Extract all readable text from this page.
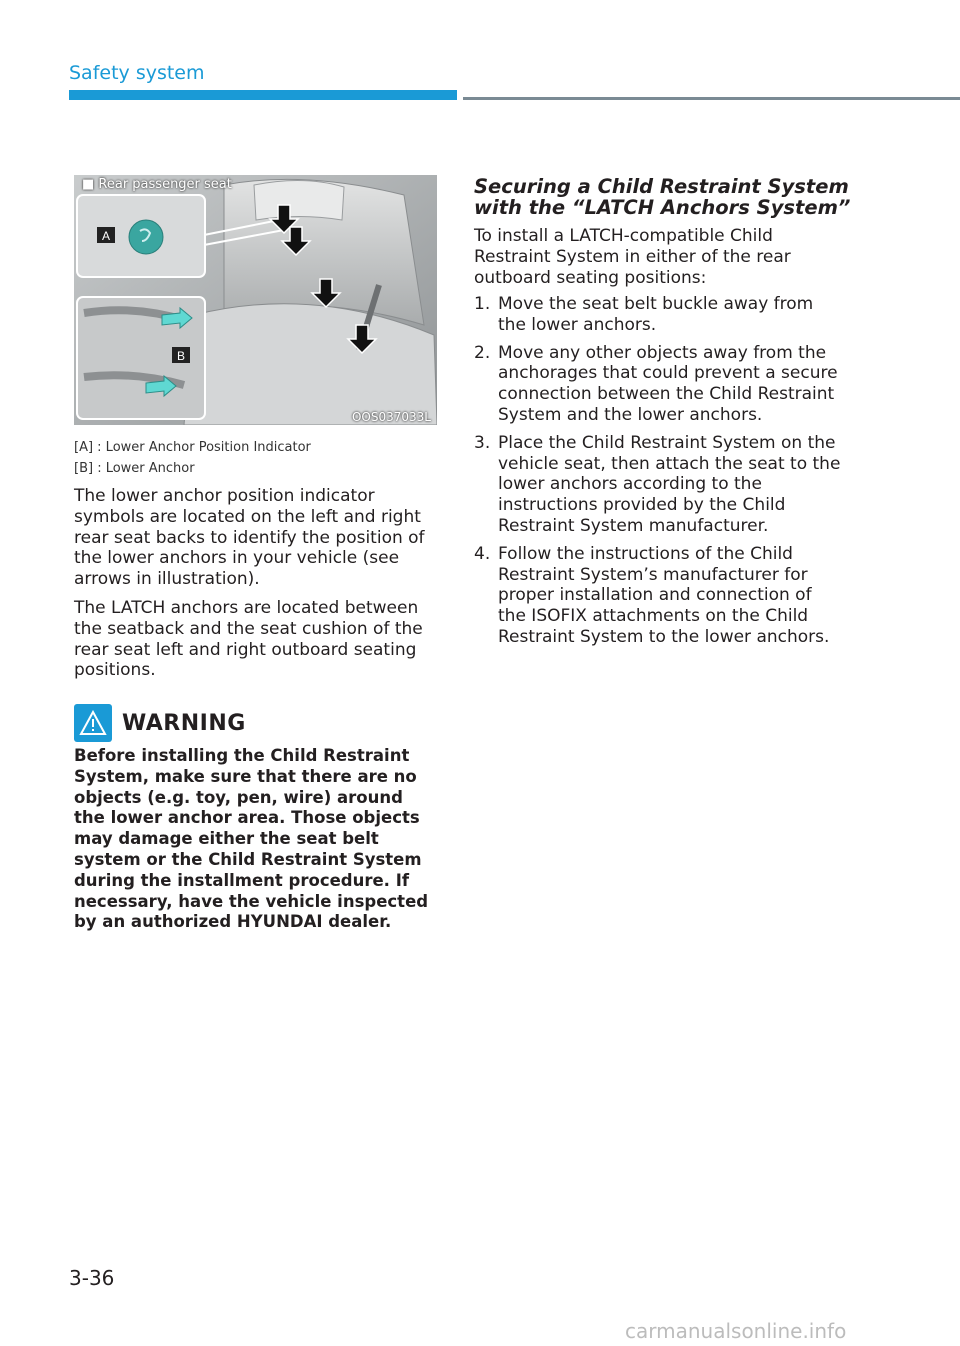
Safety system
A
B
■ Rear passenger seat
OOS037033L
[A] : Lower Anchor Position Indicator
[B] : Lower Anchor
The lower anchor position indicator symbols are located on the left and right rear seat backs to identify the position of the lower anchors in your vehicle (see arrows in illustration).
The LATCH anchors are located between the seatback and the seat cushion of the rear seat left and right outboard seating positions.
WARNING
Before installing the Child Restraint System, make sure that there are no objects (e.g. toy, pen, wire) around the lower anchor area. Those objects may damage either the seat belt system or the Child Restraint System during the installment procedure. If necessary, have the vehicle inspected by an authorized HYUNDAI dealer.
Securing a Child Restraint System with the “LATCH Anchors System”
To install a LATCH-compatible Child Restraint System in either of the rear outboard seating positions:
1. Move the seat belt buckle away from the lower anchors.
2. Move any other objects away from the anchorages that could prevent a secure connection between the Child Restraint System and the lower anchors.
3. Place the Child Restraint System on the vehicle seat, then attach the seat to the lower anchors according to the instructions provided by the Child Restraint System manufacturer.
4. Follow the instructions of the Child Restraint System’s manufacturer for proper installation and connection of the ISOFIX attachments on the Child Restraint System to the lower anchors.
3-36
carmanualsonline.info
